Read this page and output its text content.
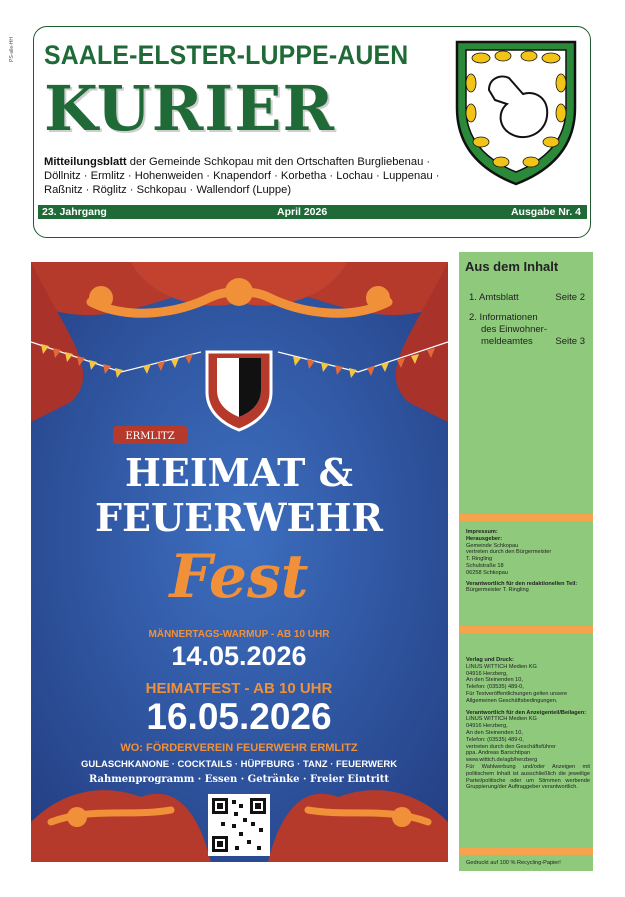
PS-alle-HH SAALE-ELSTER-LUPPE-AUEN
KURIER
Mitteilungsblatt der Gemeinde Schkopau mit den Ortschaften Burgliebenau · Döllnitz · Ermlitz · Hohenweiden · Knapendorf · Korbetha · Lochau · Luppenau · Raßnitz · Röglitz · Schkopau · Wallendorf (Luppe)
23. Jahrgang	April 2026	Ausgabe Nr. 4
ERMLITZ
HEIMAT &
FEUERWEHR
Fest
MÄNNERTAGS-WARMUP - AB 10 UHR
14.05.2026
HEIMATFEST - AB 10 UHR
16.05.2026
WO: FÖRDERVEREIN FEUERWEHR ERMLITZ
GULASCHKANONE · COCKTAILS · HÜPFBURG · TANZ · FEUERWERK
Rahmenprogramm · Essen · Getränke · Freier Eintritt
Aus dem Inhalt
1. Amtsblatt	Seite 2
2. Informationen
des Einwohner-
meldeamtes Seite 3

Impressum:

Herausgeber:

Gemeinde Schkopau

vertreten durch den Bürgermeister

T. Ringling

Schulstraße 18

06258 Schkopau

Verantwortlich für den redaktionellen Teil:

Bürgermeister T. Ringling

Verlag und Druck:

LINUS WITTICH Medien KG

04916 Herzberg,

An den Steinenden 10,

Telefon: (03535) 489-0,

Für Textveröffentlichungen gelten unsere

Allgemeinen Geschäftsbedingungen.

Verantwortlich für den Anzeigenteil/Beilagen:

LINUS WITTICH Medien KG

04916 Herzberg,

An den Steinenden 10,

Telefon: (03535) 489-0,

vertreten durch den Geschäftsführer

ppa. Andreas Barschtipan

www.wittich.de/agb/herzberg

Für Wahlwerbung und/oder Anzeigen mit politischem Inhalt ist ausschließlich die jeweilige Partei/politische oder um Stimmen werbende Gruppierung/der Auftraggeber verantwortlich.

Gedruckt auf 100 % Recycling-Papier!
